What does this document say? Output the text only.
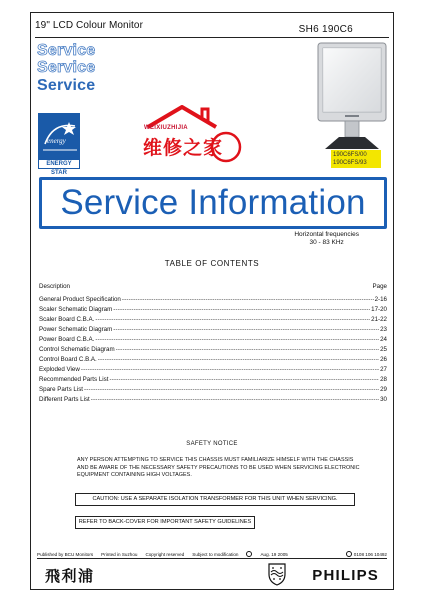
19" LCD Colour Monitor	SH6 190C6
Service
Service
Service
energy
ENERGY STAR
WEIXIUZHIJIA
维修之家	190C6FS/00
190C6FS/93
Service Information
Horizontal frequencies
30 - 83 KHz
TABLE OF CONTENTS
Description	Page
General Product Specification -----	2-16
Scaler Schematic Diagram -----	17-20
Scaler Board C.B.A. -----	21-22
Power Schematic Diagram -----	23
Power Board C.B.A. -----	24
Control Schematic Diagram -----	25
Control Board C.B.A. -----	26
Exploded View -----	27
Recommended Parts List -----	28
Spare Parts List -----	29
Different Parts List -----	30
SAFETY NOTICE
ANY PERSON ATTEMPTING TO SERVICE THIS CHASSIS MUST FAMILIARIZE HIMSELF WITH THE CHASSIS AND BE AWARE OF THE NECESSARY SAFETY PRECAUTIONS TO BE USED WHEN SERVICING ELECTRONIC EQUIPMENT CONTAINING HIGH VOLTAGES.
CAUTION: USE A SEPARATE ISOLATION TRANSFORMER FOR THIS UNIT WHEN SERVICING.
REFER TO BACK-COVER FOR IMPORTANT SAFETY GUIDELINES
Published by BCU Monitors Printed in Suzhou Copyright reserved Subject to modification	Aug. 19 2005	0108 106 10492
飛利浦	PHILIPS
